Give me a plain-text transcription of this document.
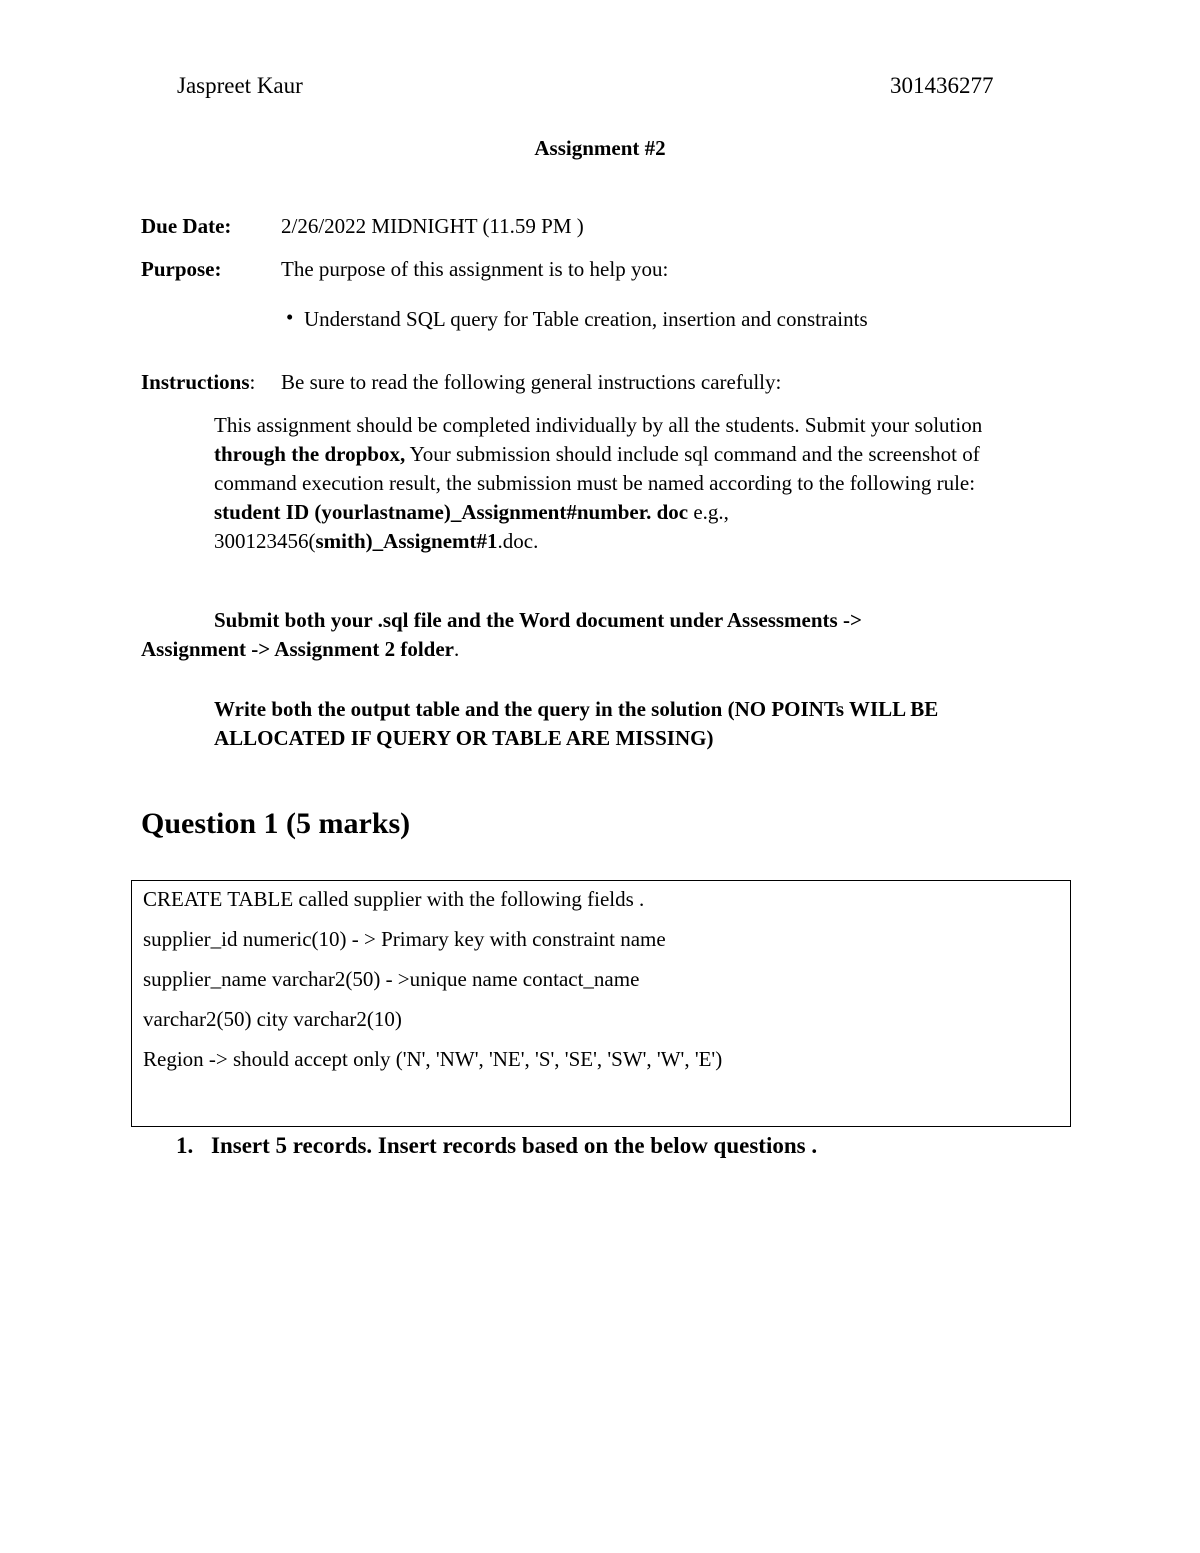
Jaspreet Kaur	301436277
Assignment #2
Due Date: 2/26/2022 MIDNIGHT (11.59 PM )
Purpose:	The purpose of this assignment is to help you:
• Understand SQL query for Table creation, insertion and constraints
Instructions: Be sure to read the following general instructions carefully:
This assignment should be completed individually by all the students. Submit your solution
through the dropbox, Your submission should include sql command and the screenshot of
command execution result, the submission must be named according to the following rule:
student ID (yourlastname)_Assignment#number. doc e.g.,
300123456(smith)_Assignemt#1.doc.
Submit both your .sql file and the Word document under Assessments ->
Assignment -> Assignment 2 folder.
Write both the output table and the query in the solution (NO POINTs WILL BE
ALLOCATED IF QUERY OR TABLE ARE MISSING)
Question 1 (5 marks)
CREATE TABLE called supplier with the following fields .
supplier_id numeric(10) - > Primary key with constraint name
supplier_name varchar2(50) - >unique name contact_name
varchar2(50) city varchar2(10)
Region -> should accept only ('N', 'NW', 'NE', 'S', 'SE', 'SW', 'W', 'E')
1. Insert 5 records. Insert records based on the below questions .
